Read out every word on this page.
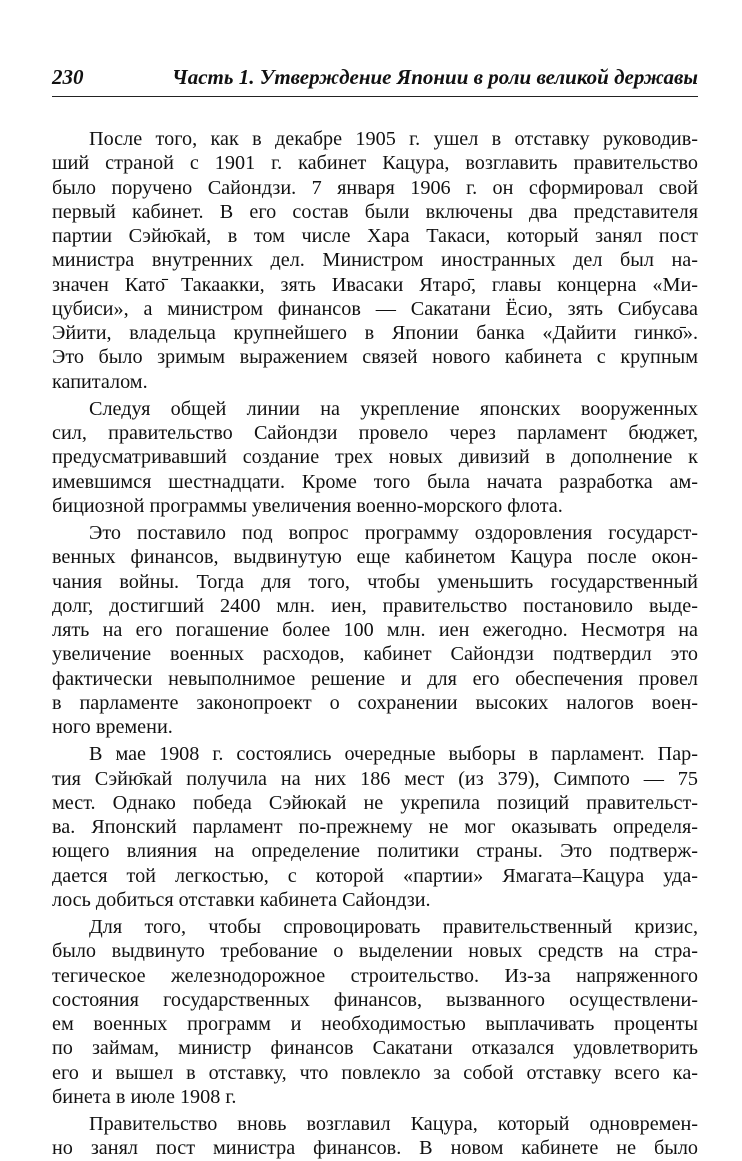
230	Часть 1. Утверждение Японии в роли великой державы
После того, как в декабре 1905 г. ушел в отставку руководив-
ший страной с 1901 г. кабинет Кацура, возглавить правительство
было поручено Сайондзи. 7 января 1906 г. он сформировал свой
первый кабинет. В его состав были включены два представителя
партии Сэйю̄кай, в том числе Хара Такаси, который занял пост
министра внутренних дел. Министром иностранных дел был на-
значен Като̄ Такаакки, зять Ивасаки Ятаро̄, главы концерна «Ми-
цубиси», а министром финансов — Сакатани Ёсио, зять Сибусава
Эйити, владельца крупнейшего в Японии банка «Дайити гинко̄».
Это было зримым выражением связей нового кабинета с крупным
капиталом.
Следуя общей линии на укрепление японских вооруженных
сил, правительство Сайондзи провело через парламент бюджет,
предусматривавший создание трех новых дивизий в дополнение к
имевшимся шестнадцати. Кроме того была начата разработка ам-
бициозной программы увеличения военно-морского флота.
Это поставило под вопрос программу оздоровления государст-
венных финансов, выдвинутую еще кабинетом Кацура после окон-
чания войны. Тогда для того, чтобы уменьшить государственный
долг, достигший 2400 млн. иен, правительство постановило выде-
лять на его погашение более 100 млн. иен ежегодно. Несмотря на
увеличение военных расходов, кабинет Сайондзи подтвердил это
фактически невыполнимое решение и для его обеспечения провел
в парламенте законопроект о сохранении высоких налогов воен-
ного времени.
В мае 1908 г. состоялись очередные выборы в парламент. Пар-
тия Сэйю̄кай получила на них 186 мест (из 379), Симпото — 75
мест. Однако победа Сэйюкай не укрепила позиций правительст-
ва. Японский парламент по-прежнему не мог оказывать определя-
ющего влияния на определение политики страны. Это подтверж-
дается той легкостью, с которой «партии» Ямагата–Кацура уда-
лось добиться отставки кабинета Сайондзи.
Для того, чтобы спровоцировать правительственный кризис,
было выдвинуто требование о выделении новых средств на стра-
тегическое железнодорожное строительство. Из-за напряженного
состояния государственных финансов, вызванного осуществлени-
ем военных программ и необходимостью выплачивать проценты
по займам, министр финансов Сакатани отказался удовлетворить
его и вышел в отставку, что повлекло за собой отставку всего ка-
бинета в июле 1908 г.
Правительство вновь возглавил Кацура, который одновремен-
но занял пост министра финансов. В новом кабинете не было
